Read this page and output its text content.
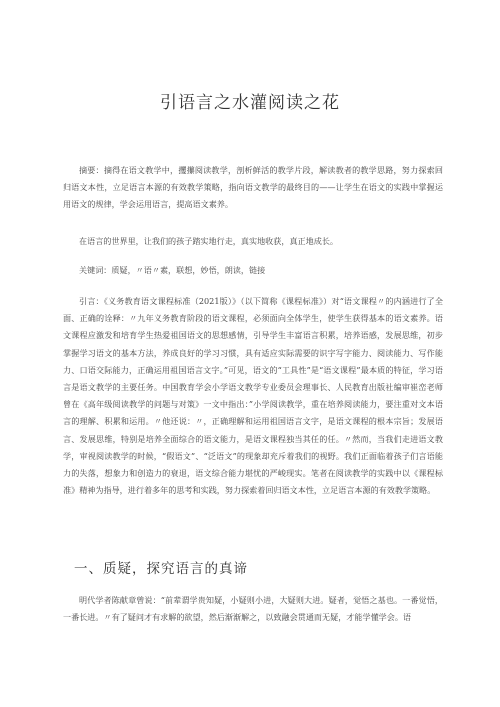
引语言之水灌阅读之花

摘要：摘得在语文教学中，攫攥阅读教学，剖析鲜活的教学片段，解读教者的教学思路，努力探索回归语文本性，立足语言本源的有效教学策略，指向语文教学的最终目的——让学生在语文的实践中掌握运用语文的规律，学会运用语言，提高语文素养。

在语言的世界里，让我们的孩子踏实地行走，真实地收获，真正地成长。

关键词：质疑，〃语〃素，联想，妙悟，朗读，链接

引言：《义务教育语文课程标准（2021版）》（以下简称《课程标准》）对“语文课程〃的内涵进行了全面、正确的诠释：〃九年义务教育阶段的语文课程，必须面向全体学生，使学生获得基本的语文素养。语文课程应激发和培育学生热爱祖国语文的思想感情，引导学生丰富语言积累，培养语感，发展思维，初步掌握学习语文的基本方法，养成良好的学习习惯，具有适应实际需要的识字写字能力、阅读能力、写作能力、口语交际能力，正确运用祖国语言文字。”可见，语文的“工具性”是“语文课程”最本质的特征，学习语言是语文教学的主要任务。中国教育学会小学语文教学专业委员会理事长、人民教育出版社编审崔峦老师曾在《高年级阅读教学的问题与对策》一文中指出：”小学阅读教学，重在培养阅读能力，要注重对文本语言的理解、积累和运用。〃他还说：〃，正确理解和运用祖国语言文字，是语文课程的根本宗旨；发展语言、发展思维，特别是培养全面综合的语文能力，是语文课程独当其任的任。〃然而，当我们走进语文教学，审视阅读教学的时候，“假语文”、“泛语文”的现象却充斥着我们的视野。我们正面临着孩子们言语能力的失落，想象力和创造力的衰退，语文综合能力堪忧的严峻现实。笔者在阅读教学的实践中以《课程标准》精神为指导，进行着多年的思考和实践，努力探索着回归语文本性，立足语言本源的有效教学策略。

一、质疑，探究语言的真谛

明代学者陈献章曾说：“前辈谓学贵知疑，小疑则小进，大疑则大进。疑者，觉悟之基也。一番觉悟，一番长进。〃有了疑问才有求解的欲望，然后渐渐解之，以致融会贯通而无疑，才能学懂学会。语
